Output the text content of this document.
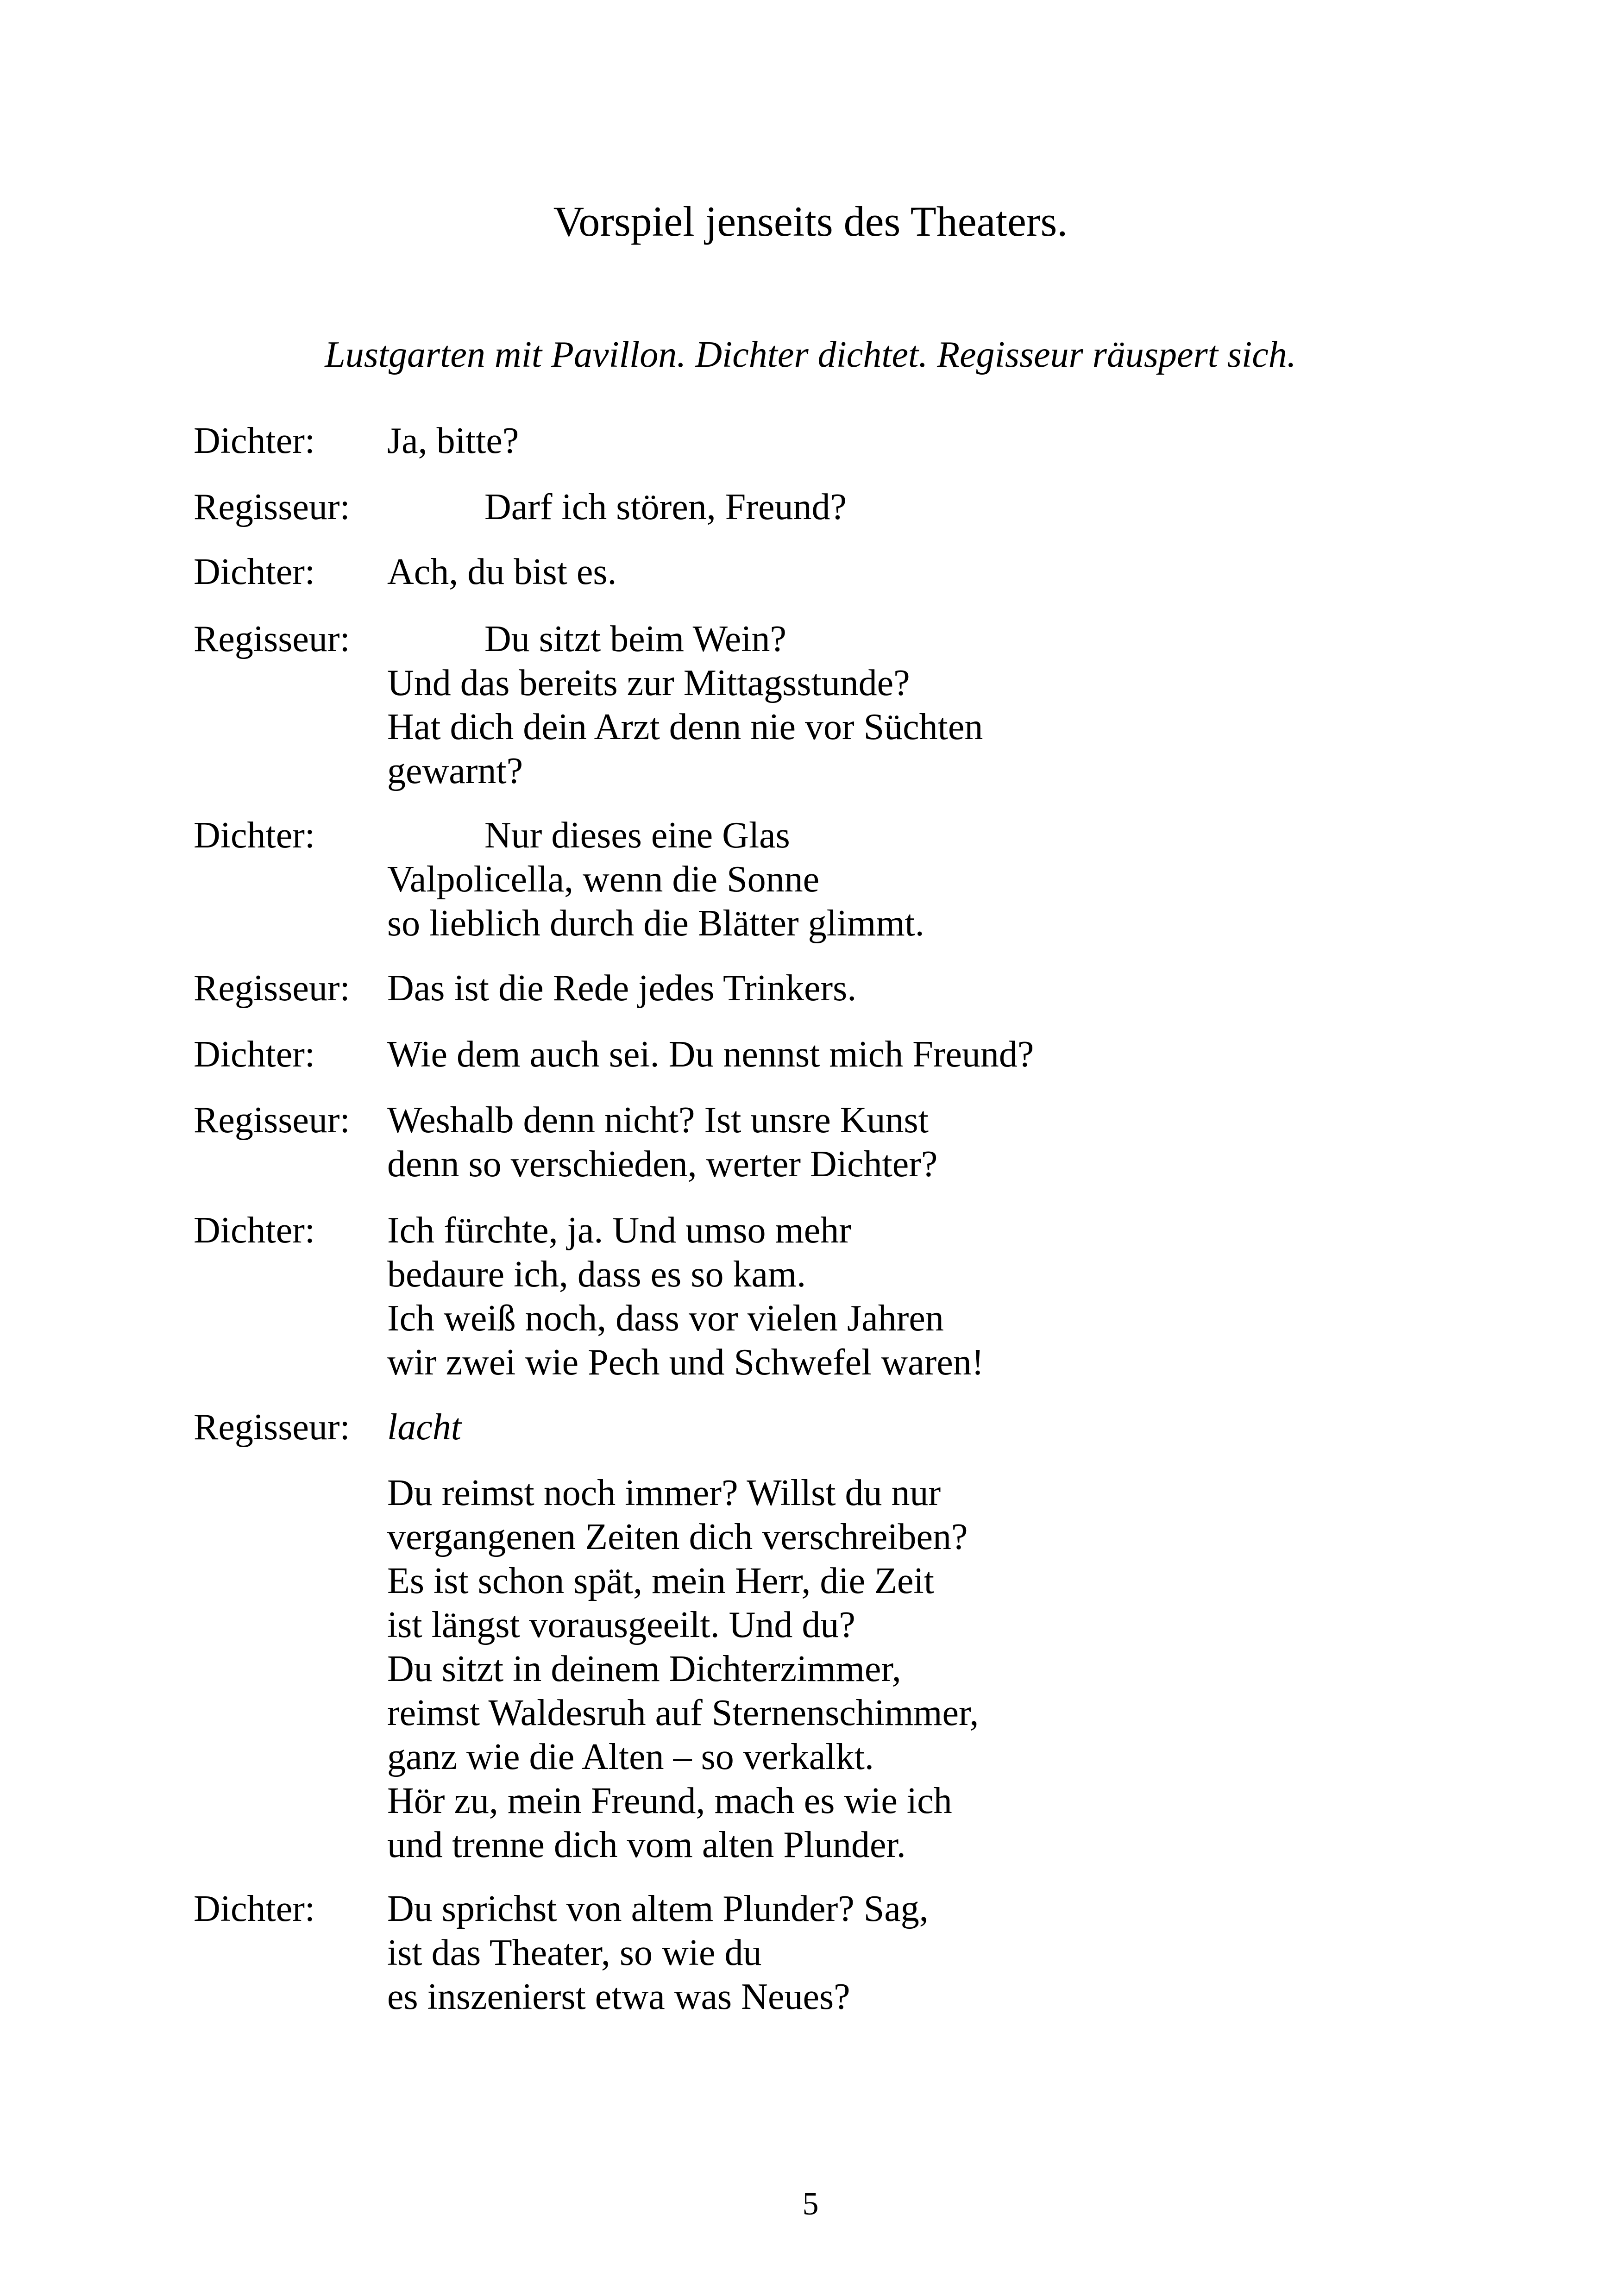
Vorspiel jenseits des Theaters.

Lustgarten mit Pavillon. Dichter dichtet. Regisseur räuspert sich.

Dichter: Ja, bitte?
Regisseur:	Darf ich stören, Freund?
Dichter: Ach, du bist es.
Regisseur:	Du sitzt beim Wein?
Und das bereits zur Mittagsstunde?
Hat dich dein Arzt denn nie vor Süchten
gewarnt?
Dichter:	Nur dieses eine Glas
Valpolicella, wenn die Sonne
so lieblich durch die Blätter glimmt.
Regisseur: Das ist die Rede jedes Trinkers.
Dichter: Wie dem auch sei. Du nennst mich Freund?
Regisseur: Weshalb denn nicht? Ist unsre Kunst
denn so verschieden, werter Dichter?
Dichter: Ich fürchte, ja. Und umso mehr
bedaure ich, dass es so kam.
Ich weiß noch, dass vor vielen Jahren
wir zwei wie Pech und Schwefel waren!
Regisseur: lacht
Du reimst noch immer? Willst du nur
vergangenen Zeiten dich verschreiben?
Es ist schon spät, mein Herr, die Zeit
ist längst vorausgeeilt. Und du?
Du sitzt in deinem Dichterzimmer,
reimst Waldesruh auf Sternenschimmer,
ganz wie die Alten – so verkalkt.
Hör zu, mein Freund, mach es wie ich
und trenne dich vom alten Plunder.
Dichter: Du sprichst von altem Plunder? Sag,
ist das Theater, so wie du
es inszenierst etwa was Neues?
5
